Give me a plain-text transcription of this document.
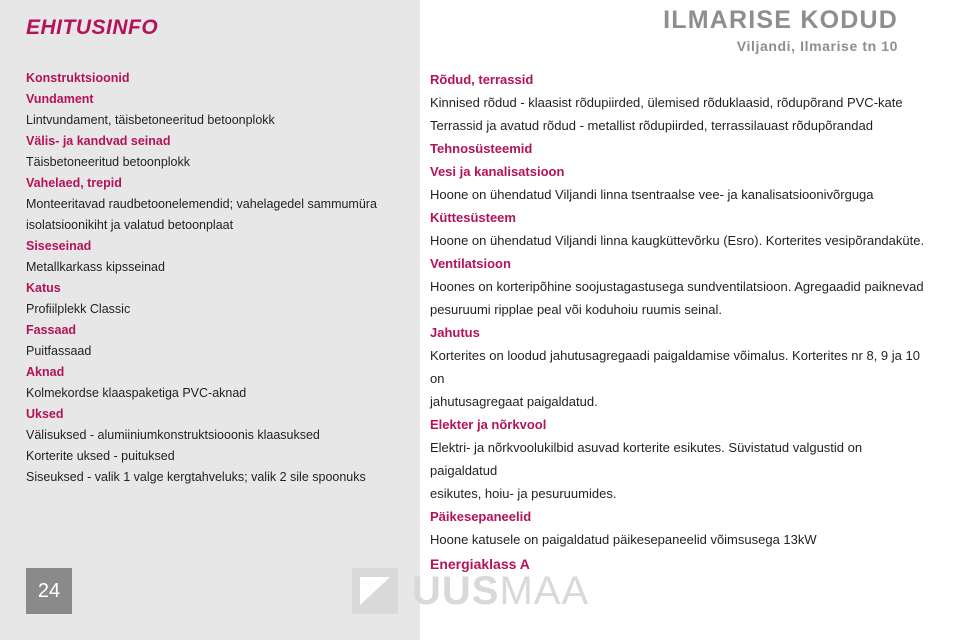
EHITUSINFO	ILMARISE KODUD
Viljandi, Ilmarise tn 10

Konstruktsioonid

Vundament

Lintvundament, täisbetoneeritud betoonplokk

Välis- ja kandvad seinad

Täisbetoneeritud betoonplokk

Vahelaed, trepid

Monteeritavad raudbetoonelemendid; vahelagedel sammumüra

isolatsioonikiht ja valatud betoonplaat

Siseseinad

Metallkarkass kipsseinad

Katus

Profiilplekk Classic

Fassaad

Puitfassaad

Aknad

Kolmekordse klaaspaketiga PVC-aknad

Uksed

Välisuksed - alumiiniumkonstruktsiooonis klaasuksed

Korterite uksed - puituksed

Siseuksed - valik 1 valge kergtahveluks; valik 2 sile spoonuks

Rõdud, terrassid

Kinnised rõdud - klaasist rõdupiirded, ülemised rõduklaasid, rõdupõrand PVC-kate

Terrassid ja avatud rõdud - metallist rõdupiirded, terrassilauast rõdupõrandad

Tehnosüsteemid

Vesi ja kanalisatsioon

Hoone on ühendatud Viljandi linna tsentraalse vee- ja kanalisatsioonivõrguga

Küttesüsteem

Hoone on ühendatud Viljandi linna kaugküttevõrku (Esro). Korterites vesipõrandaküte.

Ventilatsioon

Hoones on korteripõhine soojustagastusega sundventilatsioon. Agregaadid paiknevad

pesuruumi ripplae peal või koduhoiu ruumis seinal.

Jahutus

Korterites on loodud jahutusagregaadi paigaldamise võimalus. Korterites nr 8, 9 ja 10 on

jahutusagregaat paigaldatud.

Elekter ja nõrkvool

Elektri- ja nõrkvoolukilbid asuvad korterite esikutes. Süvistatud valgustid on paigaldatud

esikutes, hoiu- ja pesuruumides.

Päikesepaneelid

Hoone katusele on paigaldatud päikesepaneelid võimsusega 13kW

Energiaklass A

24	UUSMAA
